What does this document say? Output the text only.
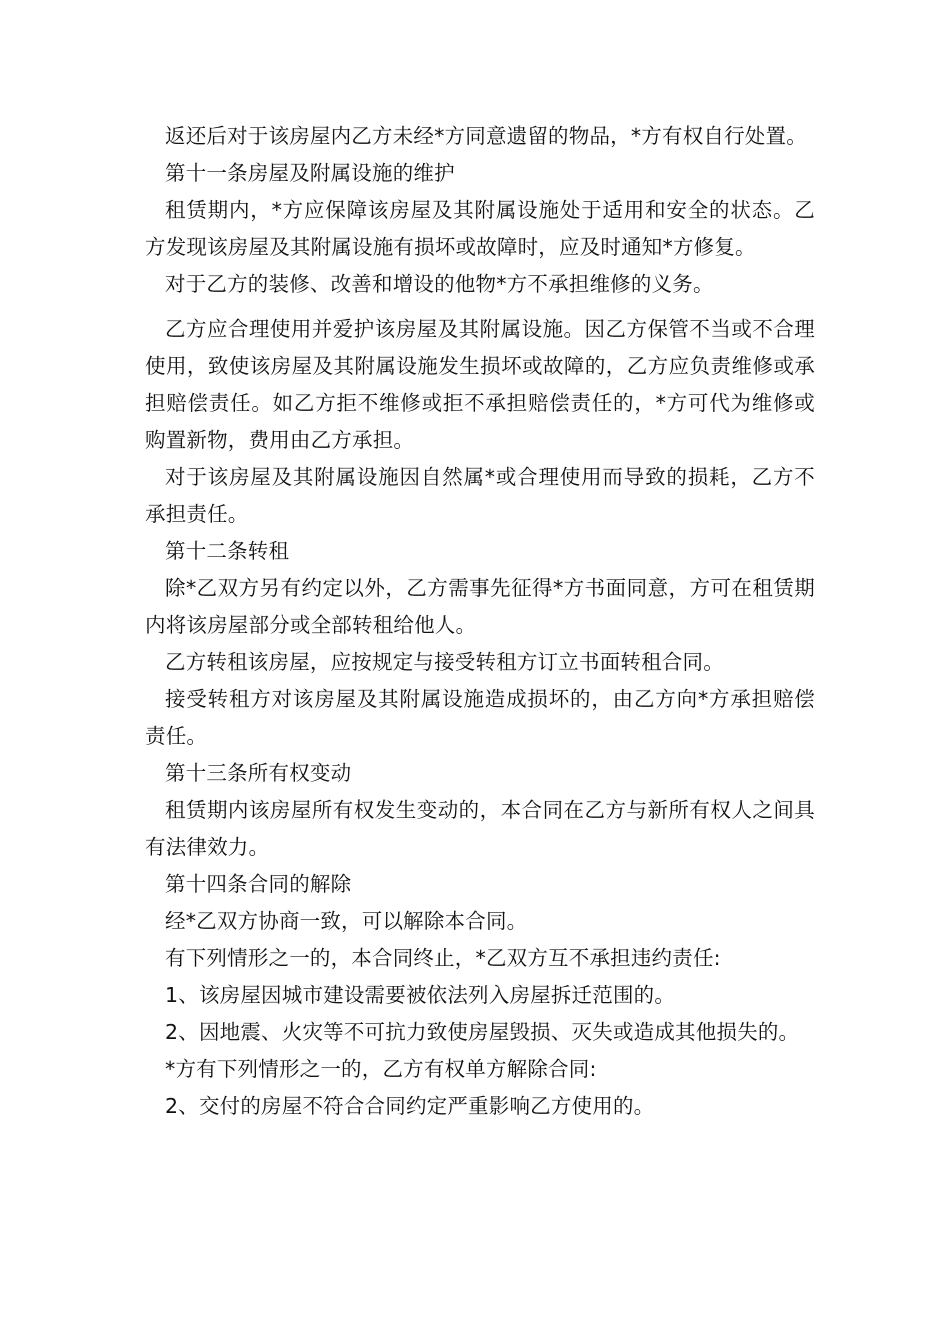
返还后对于该房屋内乙方未经*方同意遗留的物品，*方有权自行处置。

第十一条房屋及附属设施的维护

租赁期内，*方应保障该房屋及其附属设施处于适用和安全的状态。乙方发现该房屋及其附属设施有损坏或故障时，应及时通知*方修复。

对于乙方的装修、改善和增设的他物*方不承担维修的义务。

乙方应合理使用并爱护该房屋及其附属设施。因乙方保管不当或不合理使用，致使该房屋及其附属设施发生损坏或故障的，乙方应负责维修或承担赔偿责任。如乙方拒不维修或拒不承担赔偿责任的，*方可代为维修或购置新物，费用由乙方承担。

对于该房屋及其附属设施因自然属*或合理使用而导致的损耗，乙方不承担责任。

第十二条转租

除*乙双方另有约定以外，乙方需事先征得*方书面同意，方可在租赁期内将该房屋部分或全部转租给他人。

乙方转租该房屋，应按规定与接受转租方订立书面转租合同。

接受转租方对该房屋及其附属设施造成损坏的，由乙方向*方承担赔偿责任。

第十三条所有权变动

租赁期内该房屋所有权发生变动的，本合同在乙方与新所有权人之间具有法律效力。

第十四条合同的解除

经*乙双方协商一致，可以解除本合同。

有下列情形之一的，本合同终止，*乙双方互不承担违约责任:

1、该房屋因城市建设需要被依法列入房屋拆迁范围的。

2、因地震、火灾等不可抗力致使房屋毁损、灭失或造成其他损失的。

*方有下列情形之一的，乙方有权单方解除合同:

2、交付的房屋不符合合同约定严重影响乙方使用的。
